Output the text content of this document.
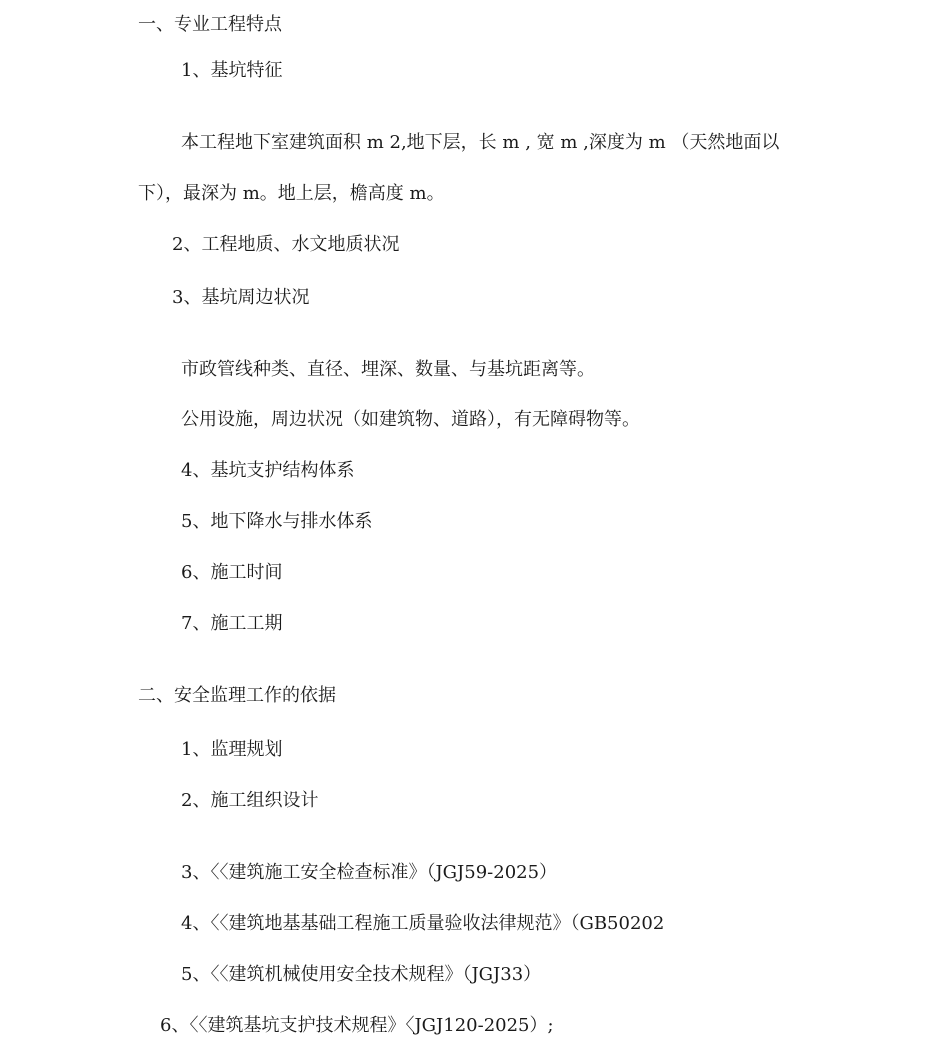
一、专业工程特点
1、基坑特征
本工程地下室建筑面积 m 2,地下层，长 m , 宽 m ,深度为 m （天然地面以
下），最深为 m。地上层，檐高度 m。
2、工程地质、水文地质状况
3、基坑周边状况
市政管线种类、直径、埋深、数量、与基坑距离等。
公用设施，周边状况（如建筑物、道路），有无障碍物等。
4、基坑支护结构体系
5、地下降水与排水体系
6、施工时间
7、施工工期
二、安全监理工作的依据
1、监理规划
2、施工组织设计
3、〈〈建筑施工安全检查标准》（JGJ59-2025）
4、〈〈建筑地基基础工程施工质量验收法律规范》（GB50202
5、〈〈建筑机械使用安全技术规程》（JGJ33）
6、〈〈建筑基坑支护技术规程》〈JGJ120-2025）;
